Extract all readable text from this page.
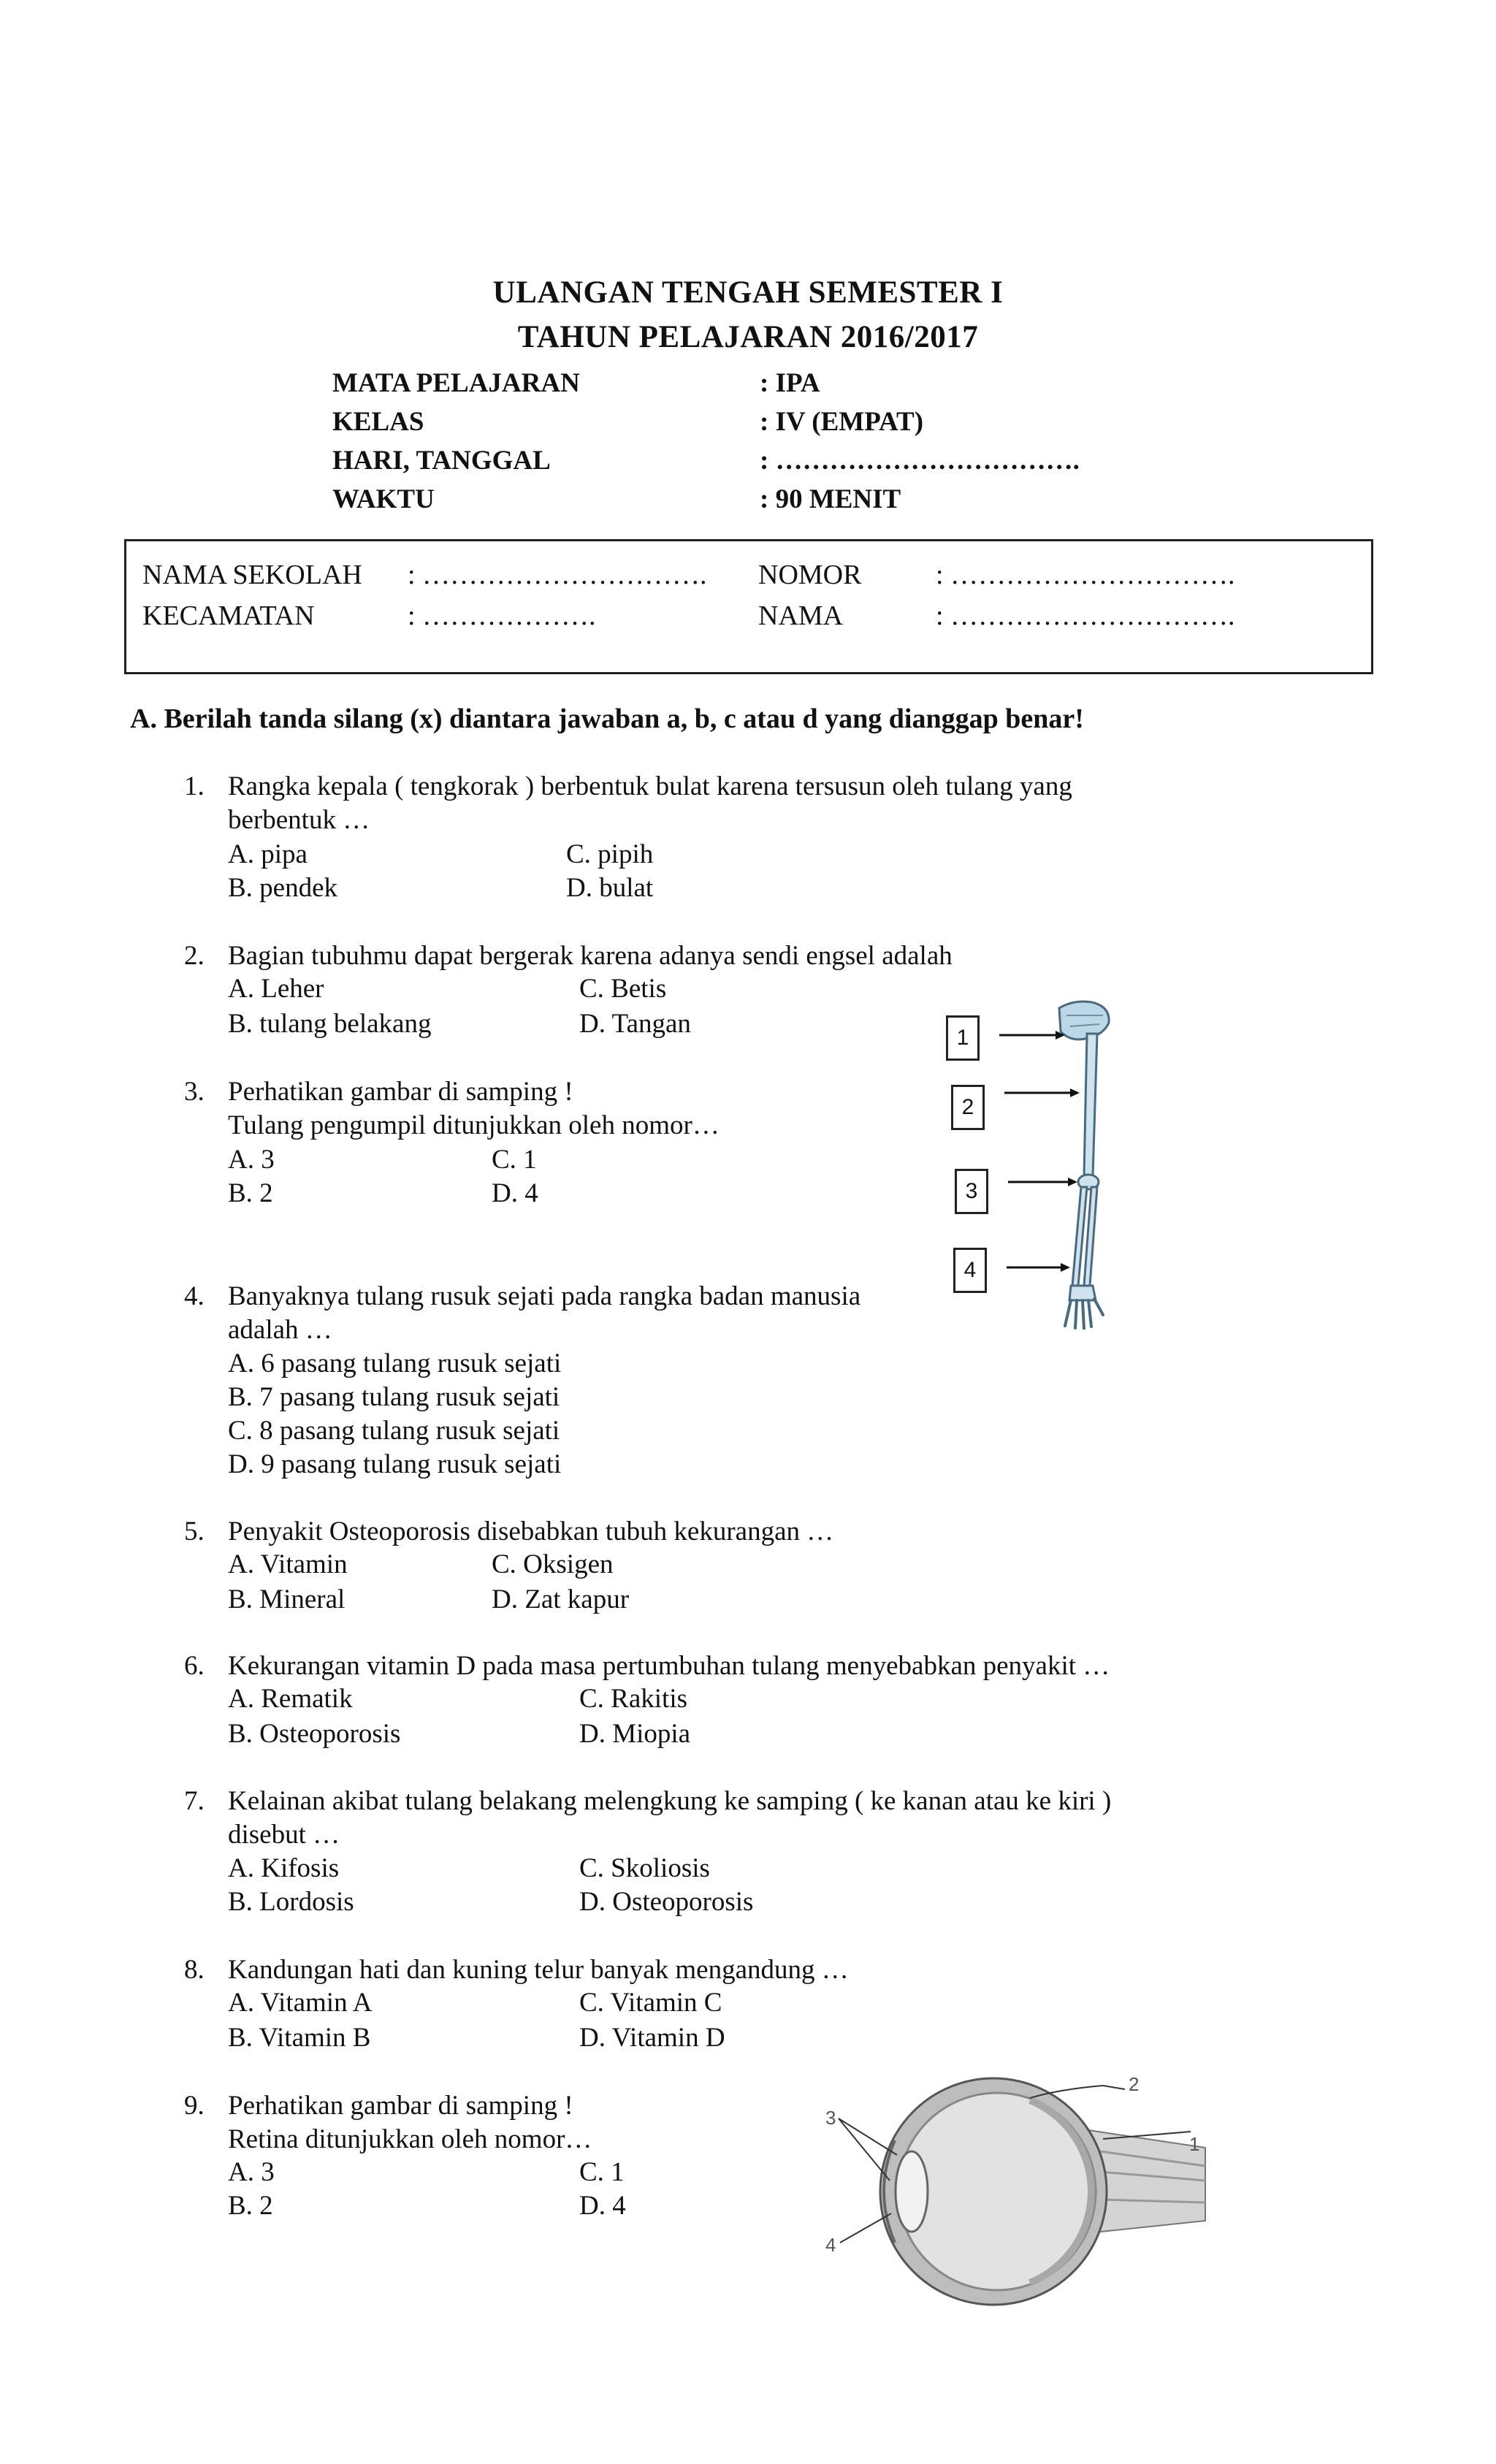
ULANGAN TENGAH SEMESTER I
TAHUN PELAJARAN 2016/2017
MATA PELAJARAN	: IPA
KELAS	: IV (EMPAT)
HARI, TANGGAL	: …………………………….
WAKTU	: 90 MENIT
NAMA SEKOLAH : …………………………. NOMOR	: ………………………….
KECAMATAN	: ……………….	NAMA	: ………………………….
A. Berilah tanda silang (x) diantara jawaban a, b, c atau d yang dianggap benar!
1. Rangka kepala ( tengkorak ) berbentuk bulat karena tersusun oleh tulang yang
berbentuk …
A. pipa
B. pendek
C. pipih
D. bulat
2. Bagian tubuhmu dapat bergerak karena adanya sendi engsel adalah
A. Leher
B. tulang belakang
C. Betis
D. Tangan
3. Perhatikan gambar di samping !
Tulang pengumpil ditunjukkan oleh nomor…
A. 3
B. 2
C. 1
D. 4
4. Banyaknya tulang rusuk sejati pada rangka badan manusia
adalah …
A. 6 pasang tulang rusuk sejati
B. 7 pasang tulang rusuk sejati
C. 8 pasang tulang rusuk sejati
D. 9 pasang tulang rusuk sejati
5. Penyakit Osteoporosis disebabkan tubuh kekurangan …
A. Vitamin
B. Mineral
C. Oksigen
D. Zat kapur
6. Kekurangan vitamin D pada masa pertumbuhan tulang menyebabkan penyakit …
A. Rematik
B. Osteoporosis
C. Rakitis
D. Miopia
7. Kelainan akibat tulang belakang melengkung ke samping ( ke kanan atau ke kiri )
disebut …
A. Kifosis
B. Lordosis
C. Skoliosis
D. Osteoporosis
8. Kandungan hati dan kuning telur banyak mengandung …
A. Vitamin A
B. Vitamin B
C. Vitamin C
D. Vitamin D
9. Perhatikan gambar di samping !
Retina ditunjukkan oleh nomor…
A. 3
B. 2
C. 1
D. 4
1
2
3
4
1
2
3
4
